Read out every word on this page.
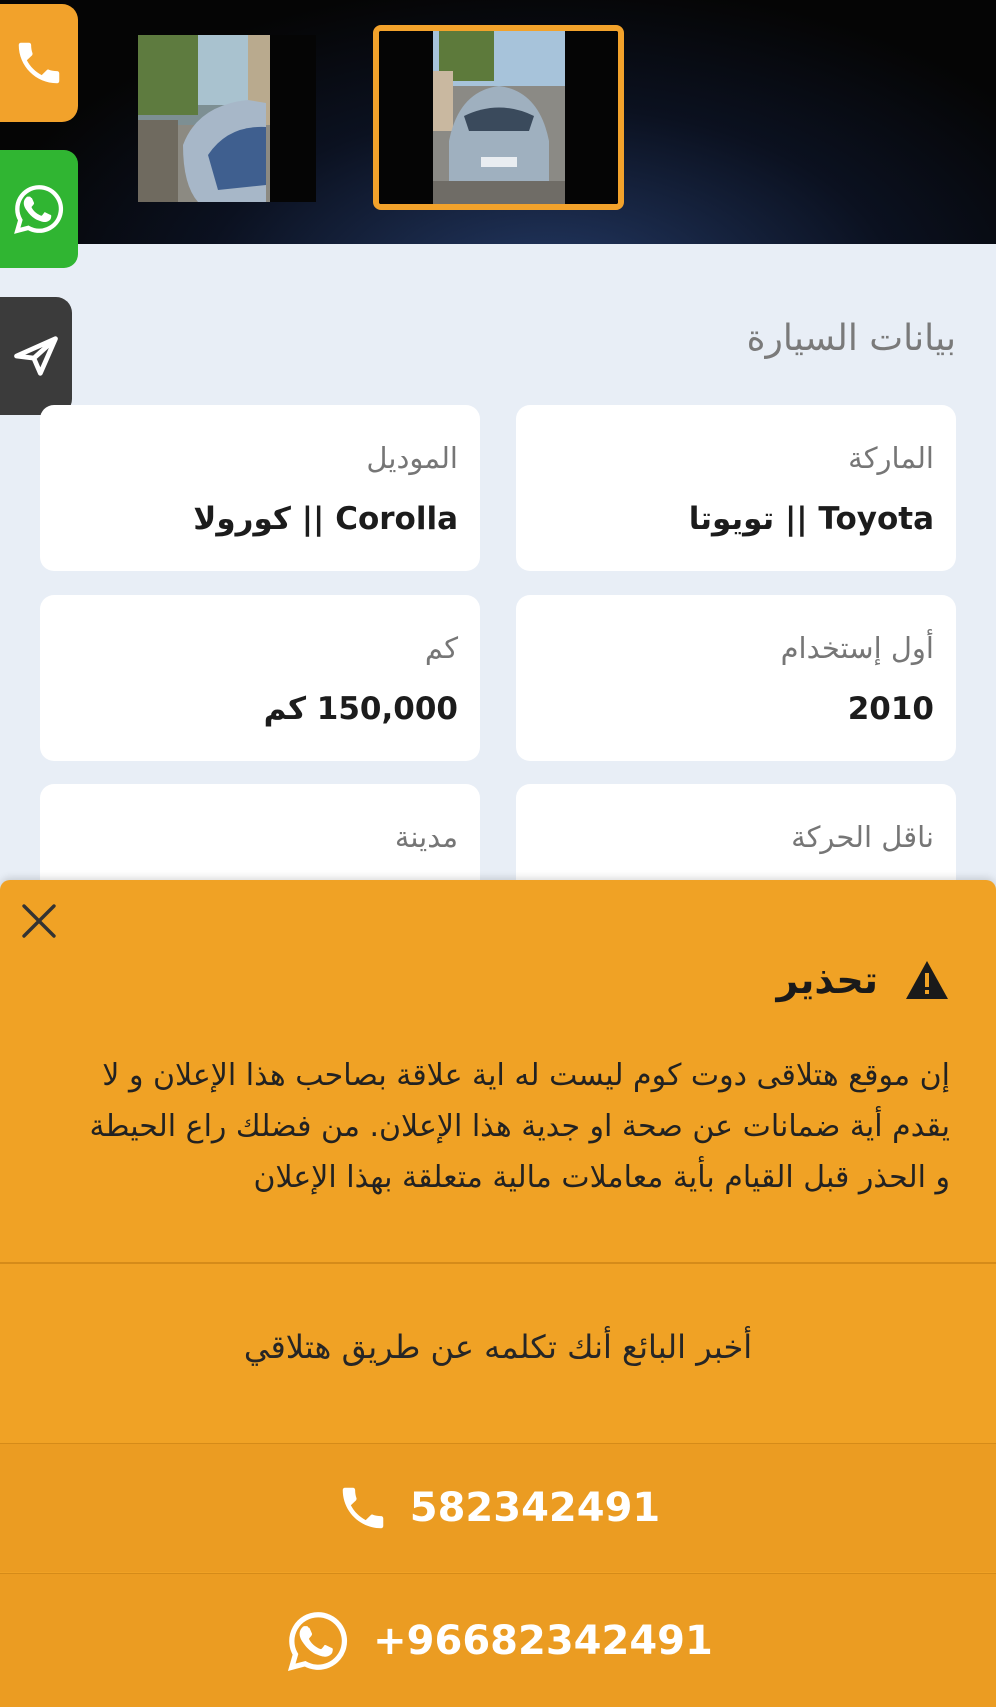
بيانات السيارة
الماركة
Toyota || تويوتا
الموديل
Corolla || كورولا
أول إستخدام
2010
كم
150,000 كم
ناقل الحركة
مدينة
تحذير
إن موقع هتلاقى دوت كوم ليست له اية علاقة بصاحب هذا الإعلان و لا يقدم أية ضمانات عن صحة او جدية هذا الإعلان. من فضلك راع الحيطة و الحذر قبل القيام بأية معاملات مالية متعلقة بهذا الإعلان
أخبر البائع أنك تكلمه عن طريق هتلاقي
582342491
+96682342491
